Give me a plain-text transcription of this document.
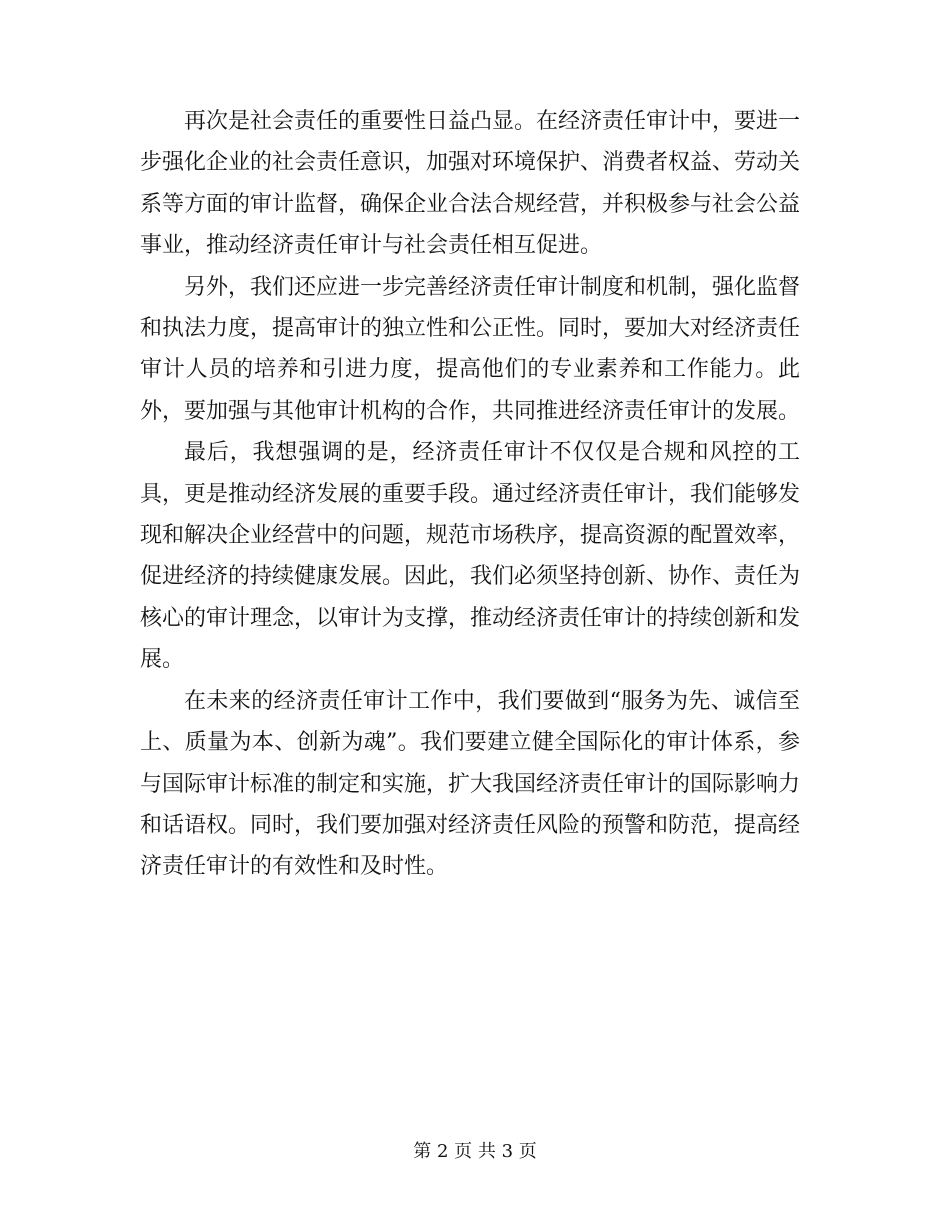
再次是社会责任的重要性日益凸显。在经济责任审计中，要进一步强化企业的社会责任意识，加强对环境保护、消费者权益、劳动关系等方面的审计监督，确保企业合法合规经营，并积极参与社会公益事业，推动经济责任审计与社会责任相互促进。

另外，我们还应进一步完善经济责任审计制度和机制，强化监督和执法力度，提高审计的独立性和公正性。同时，要加大对经济责任审计人员的培养和引进力度，提高他们的专业素养和工作能力。此外，要加强与其他审计机构的合作，共同推进经济责任审计的发展。

最后，我想强调的是，经济责任审计不仅仅是合规和风控的工具，更是推动经济发展的重要手段。通过经济责任审计，我们能够发现和解决企业经营中的问题，规范市场秩序，提高资源的配置效率，促进经济的持续健康发展。因此，我们必须坚持创新、协作、责任为核心的审计理念，以审计为支撑，推动经济责任审计的持续创新和发展。

在未来的经济责任审计工作中，我们要做到“服务为先、诚信至上、质量为本、创新为魂”。我们要建立健全国际化的审计体系，参与国际审计标准的制定和实施，扩大我国经济责任审计的国际影响力和话语权。同时，我们要加强对经济责任风险的预警和防范，提高经济责任审计的有效性和及时性。

第 2 页 共 3 页
